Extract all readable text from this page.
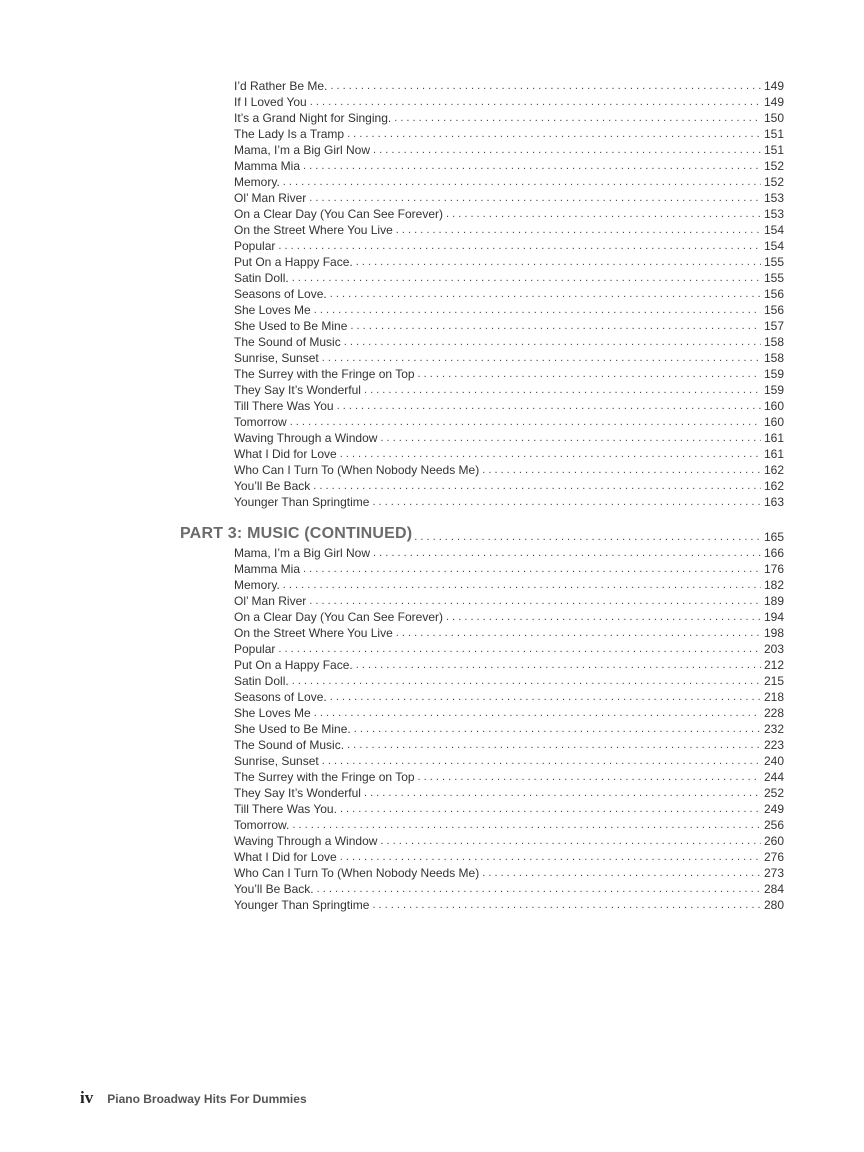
I’d Rather Be Me. . . .	149
If I Loved You . . .	149
It’s a Grand Night for Singing. . . .	150
The Lady Is a Tramp . . .	151
Mama, I’m a Big Girl Now . . .	151
Mamma Mia . . .	152
Memory. . . .	152
Ol’ Man River . . .	153
On a Clear Day (You Can See Forever) . . .	153
On the Street Where You Live . . .	154
Popular . . .	154
Put On a Happy Face. . . .	155
Satin Doll. . . .	155
Seasons of Love. . . .	156
She Loves Me . . .	156
She Used to Be Mine . . .	157
The Sound of Music . . .	158
Sunrise, Sunset . . .	158
The Surrey with the Fringe on Top . . .	159
They Say It’s Wonderful . . .	159
Till There Was You . . .	160
Tomorrow . . .	160
Waving Through a Window . . .	161
What I Did for Love . . .	161
Who Can I Turn To (When Nobody Needs Me) . . .	162
You’ll Be Back . . .	162
Younger Than Springtime . . .	163
PART 3: MUSIC (CONTINUED) . . .	165
Mama, I’m a Big Girl Now . . .	166
Mamma Mia . . .	176
Memory. . . .	182
Ol’ Man River . . .	189
On a Clear Day (You Can See Forever) . . .	194
On the Street Where You Live . . .	198
Popular . . .	203
Put On a Happy Face. . . .	212
Satin Doll. . . .	215
Seasons of Love. . . .	218
She Loves Me . . .	228
She Used to Be Mine. . . .	232
The Sound of Music. . . .	223
Sunrise, Sunset . . .	240
The Surrey with the Fringe on Top . . .	244
They Say It’s Wonderful . . .	252
Till There Was You. . . .	249
Tomorrow. . . .	256
Waving Through a Window . . .	260
What I Did for Love . . .	276
Who Can I Turn To (When Nobody Needs Me) . . .	273
You’ll Be Back. . . .	284
Younger Than Springtime . . .	280
iv Piano Broadway Hits For Dummies
